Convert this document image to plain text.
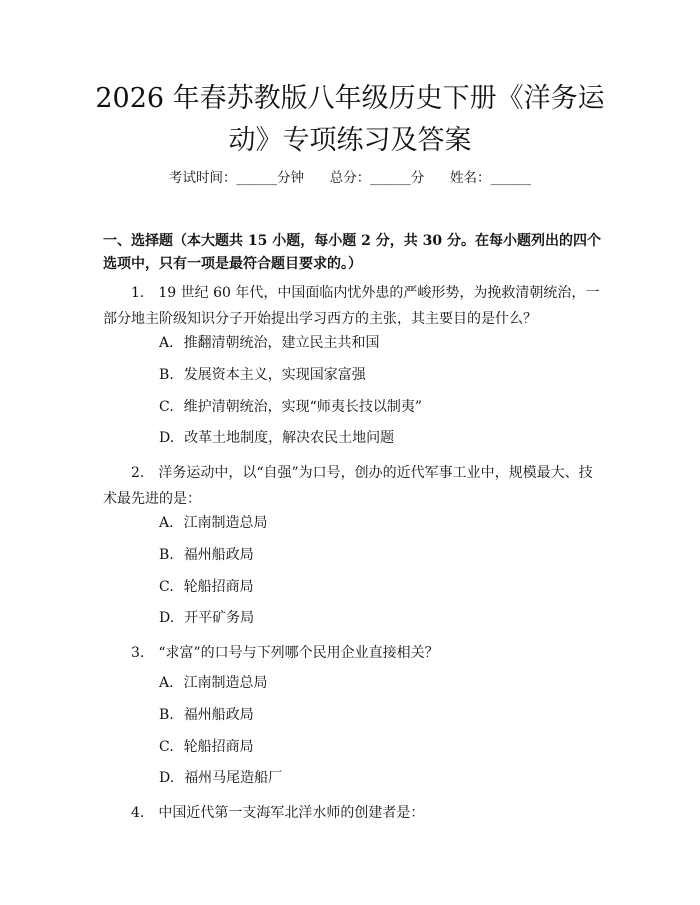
2026 年春苏教版八年级历史下册《洋务运
动》专项练习及答案
考试时间：______分钟      总分：______分      姓名：______

一、选择题（本大题共 15 小题，每小题 2 分，共 30 分。在每小题列出的四个选项中，只有一项是最符合题目要求的。）

1. 19 世纪 60 年代，中国面临内忧外患的严峻形势，为挽救清朝统治，一部分地主阶级知识分子开始提出学习西方的主张，其主要目的是什么？

A. 推翻清朝统治，建立民主共和国
B. 发展资本主义，实现国家富强
C. 维护清朝统治，实现“师夷长技以制夷”
D. 改革土地制度，解决农民土地问题

2. 洋务运动中，以“自强”为口号，创办的近代军事工业中，规模最大、技术最先进的是：

A. 江南制造总局
B. 福州船政局
C. 轮船招商局
D. 开平矿务局

3. “求富”的口号与下列哪个民用企业直接相关？

A. 江南制造总局
B. 福州船政局
C. 轮船招商局
D. 福州马尾造船厂

4. 中国近代第一支海军北洋水师的创建者是：
